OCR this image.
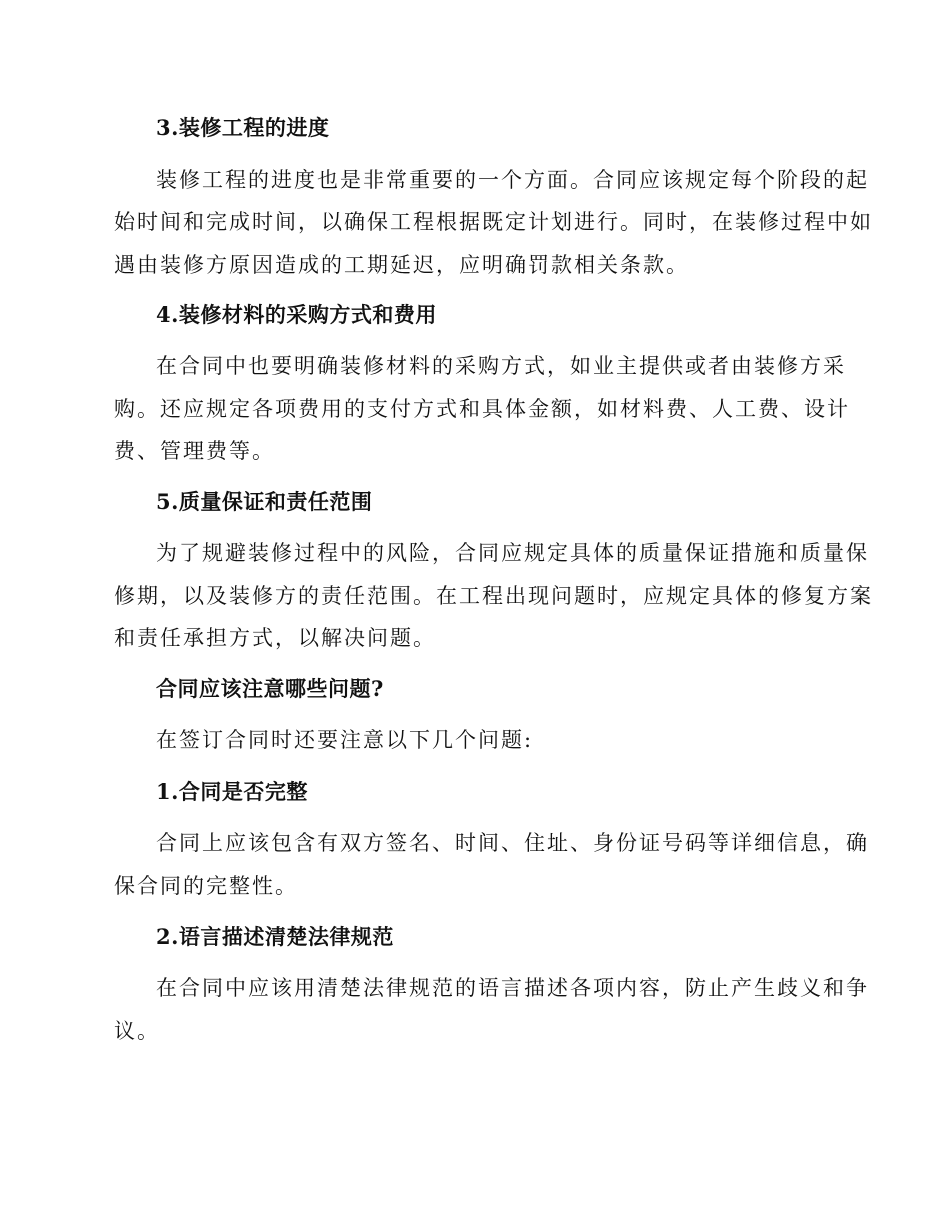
3.装修工程的进度
装修工程的进度也是非常重要的一个方面。合同应该规定每个阶段的起
始时间和完成时间，以确保工程根据既定计划进行。同时，在装修过程中如
遇由装修方原因造成的工期延迟，应明确罚款相关条款。
4.装修材料的采购方式和费用
在合同中也要明确装修材料的采购方式，如业主提供或者由装修方采
购。还应规定各项费用的支付方式和具体金额，如材料费、人工费、设计
费、管理费等。
5.质量保证和责任范围
为了规避装修过程中的风险，合同应规定具体的质量保证措施和质量保
修期，以及装修方的责任范围。在工程出现问题时，应规定具体的修复方案
和责任承担方式，以解决问题。
合同应该注意哪些问题?
在签订合同时还要注意以下几个问题:
1.合同是否完整
合同上应该包含有双方签名、时间、住址、身份证号码等详细信息，确
保合同的完整性。
2.语言描述清楚法律规范
在合同中应该用清楚法律规范的语言描述各项内容，防止产生歧义和争
议。
